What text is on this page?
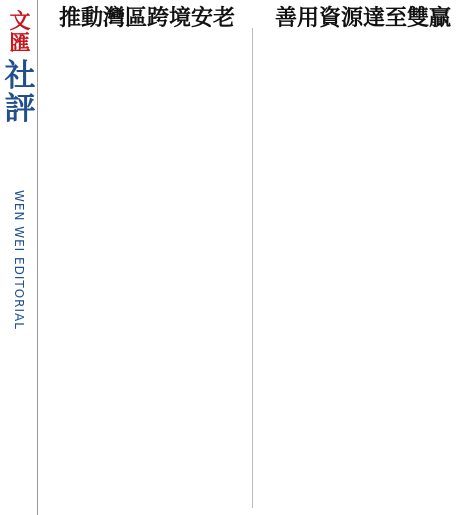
文匯
社評
WEN WEI EDITORIAL
推動灣區跨境安老	善用資源達至雙贏
